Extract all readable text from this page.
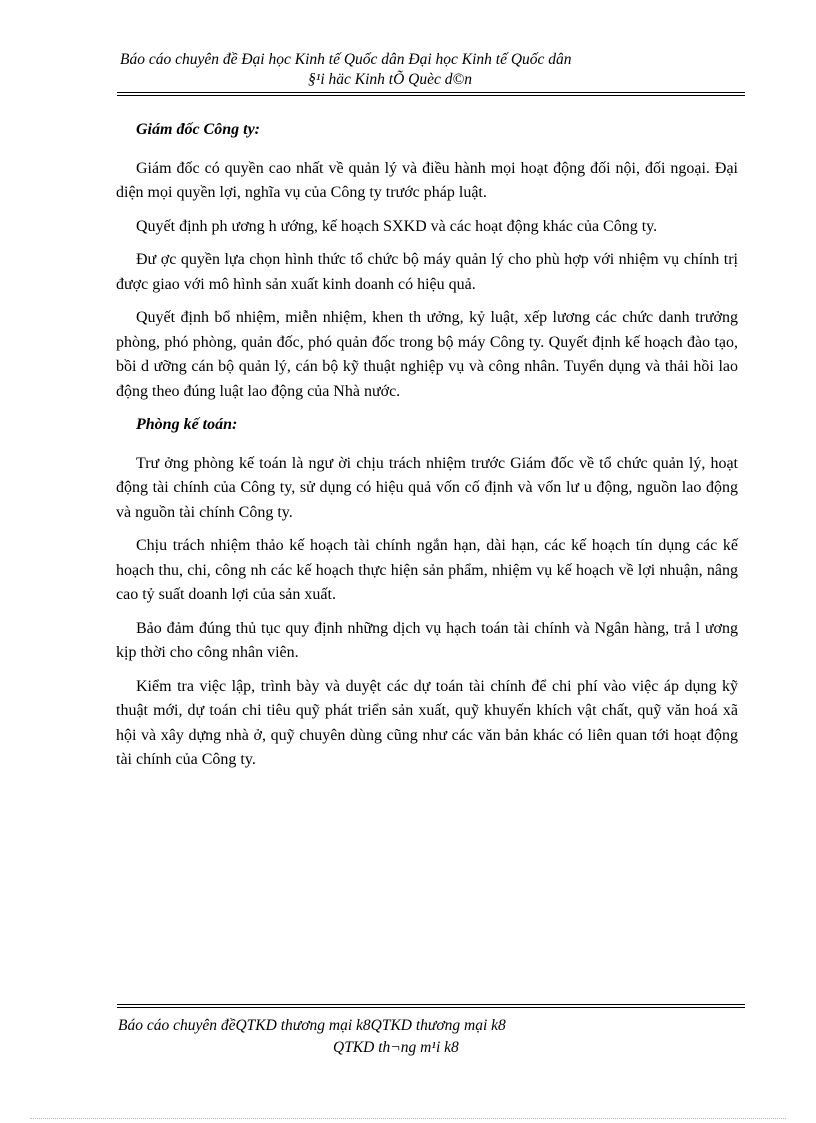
Báo cáo chuyên đề Đại học Kinh tế Quốc dân Đại học Kinh tế Quốc dân
§¹i häc Kinh tÕ Quèc d©n
Giám đốc Công ty:

Giám đốc có quyền cao nhất về quản lý và điều hành mọi hoạt động đối nội, đối ngoại. Đại diện mọi quyền lợi, nghĩa vụ của Công ty trước pháp luật.

Quyết định ph ương h ướng, kế hoạch SXKD và các hoạt động khác của Công ty.

Đư ợc quyền lựa chọn hình thức tổ chức bộ máy quản lý cho phù hợp với nhiệm vụ chính trị được giao với mô hình sản xuất kinh doanh có hiệu quả.

Quyết định bổ nhiệm, miễn nhiệm, khen th ưởng, kỷ luật, xếp lương các chức danh trưởng phòng, phó phòng, quản đốc, phó quản đốc trong bộ máy Công ty. Quyết định kế hoạch đào tạo, bồi d ưỡng cán bộ quản lý, cán bộ kỹ thuật nghiệp vụ và công nhân. Tuyển dụng và thải hồi lao động theo đúng luật lao động của Nhà nước.

Phòng kế toán:

Trư ởng phòng kế toán là ngư ời chịu trách nhiệm trước Giám đốc về tổ chức quản lý, hoạt động tài chính của Công ty, sử dụng có hiệu quả vốn cố định và vốn lư u động, nguồn lao động và nguồn tài chính Công ty.

Chịu trách nhiệm thảo kế hoạch tài chính ngắn hạn, dài hạn, các kế hoạch tín dụng các kế hoạch thu, chi, công nh các kế hoạch thực hiện sản phẩm, nhiệm vụ kế hoạch về lợi nhuận, nâng cao tỷ suất doanh lợi của sản xuất.

Bảo đảm đúng thủ tục quy định những dịch vụ hạch toán tài chính và Ngân hàng, trả l ương kịp thời cho công nhân viên.

Kiểm tra việc lập, trình bày và duyệt các dự toán tài chính để chi phí vào việc áp dụng kỹ thuật mới, dự toán chi tiêu quỹ phát triển sản xuất, quỹ khuyến khích vật chất, quỹ văn hoá xã hội và xây dựng nhà ở, quỹ chuyên dùng cũng như các văn bản khác có liên quan tới hoạt động tài chính của Công ty.

Báo cáo chuyên đềQTKD thương mại k8QTKD thương mại k8
QTKD th¬ng m¹i k8
